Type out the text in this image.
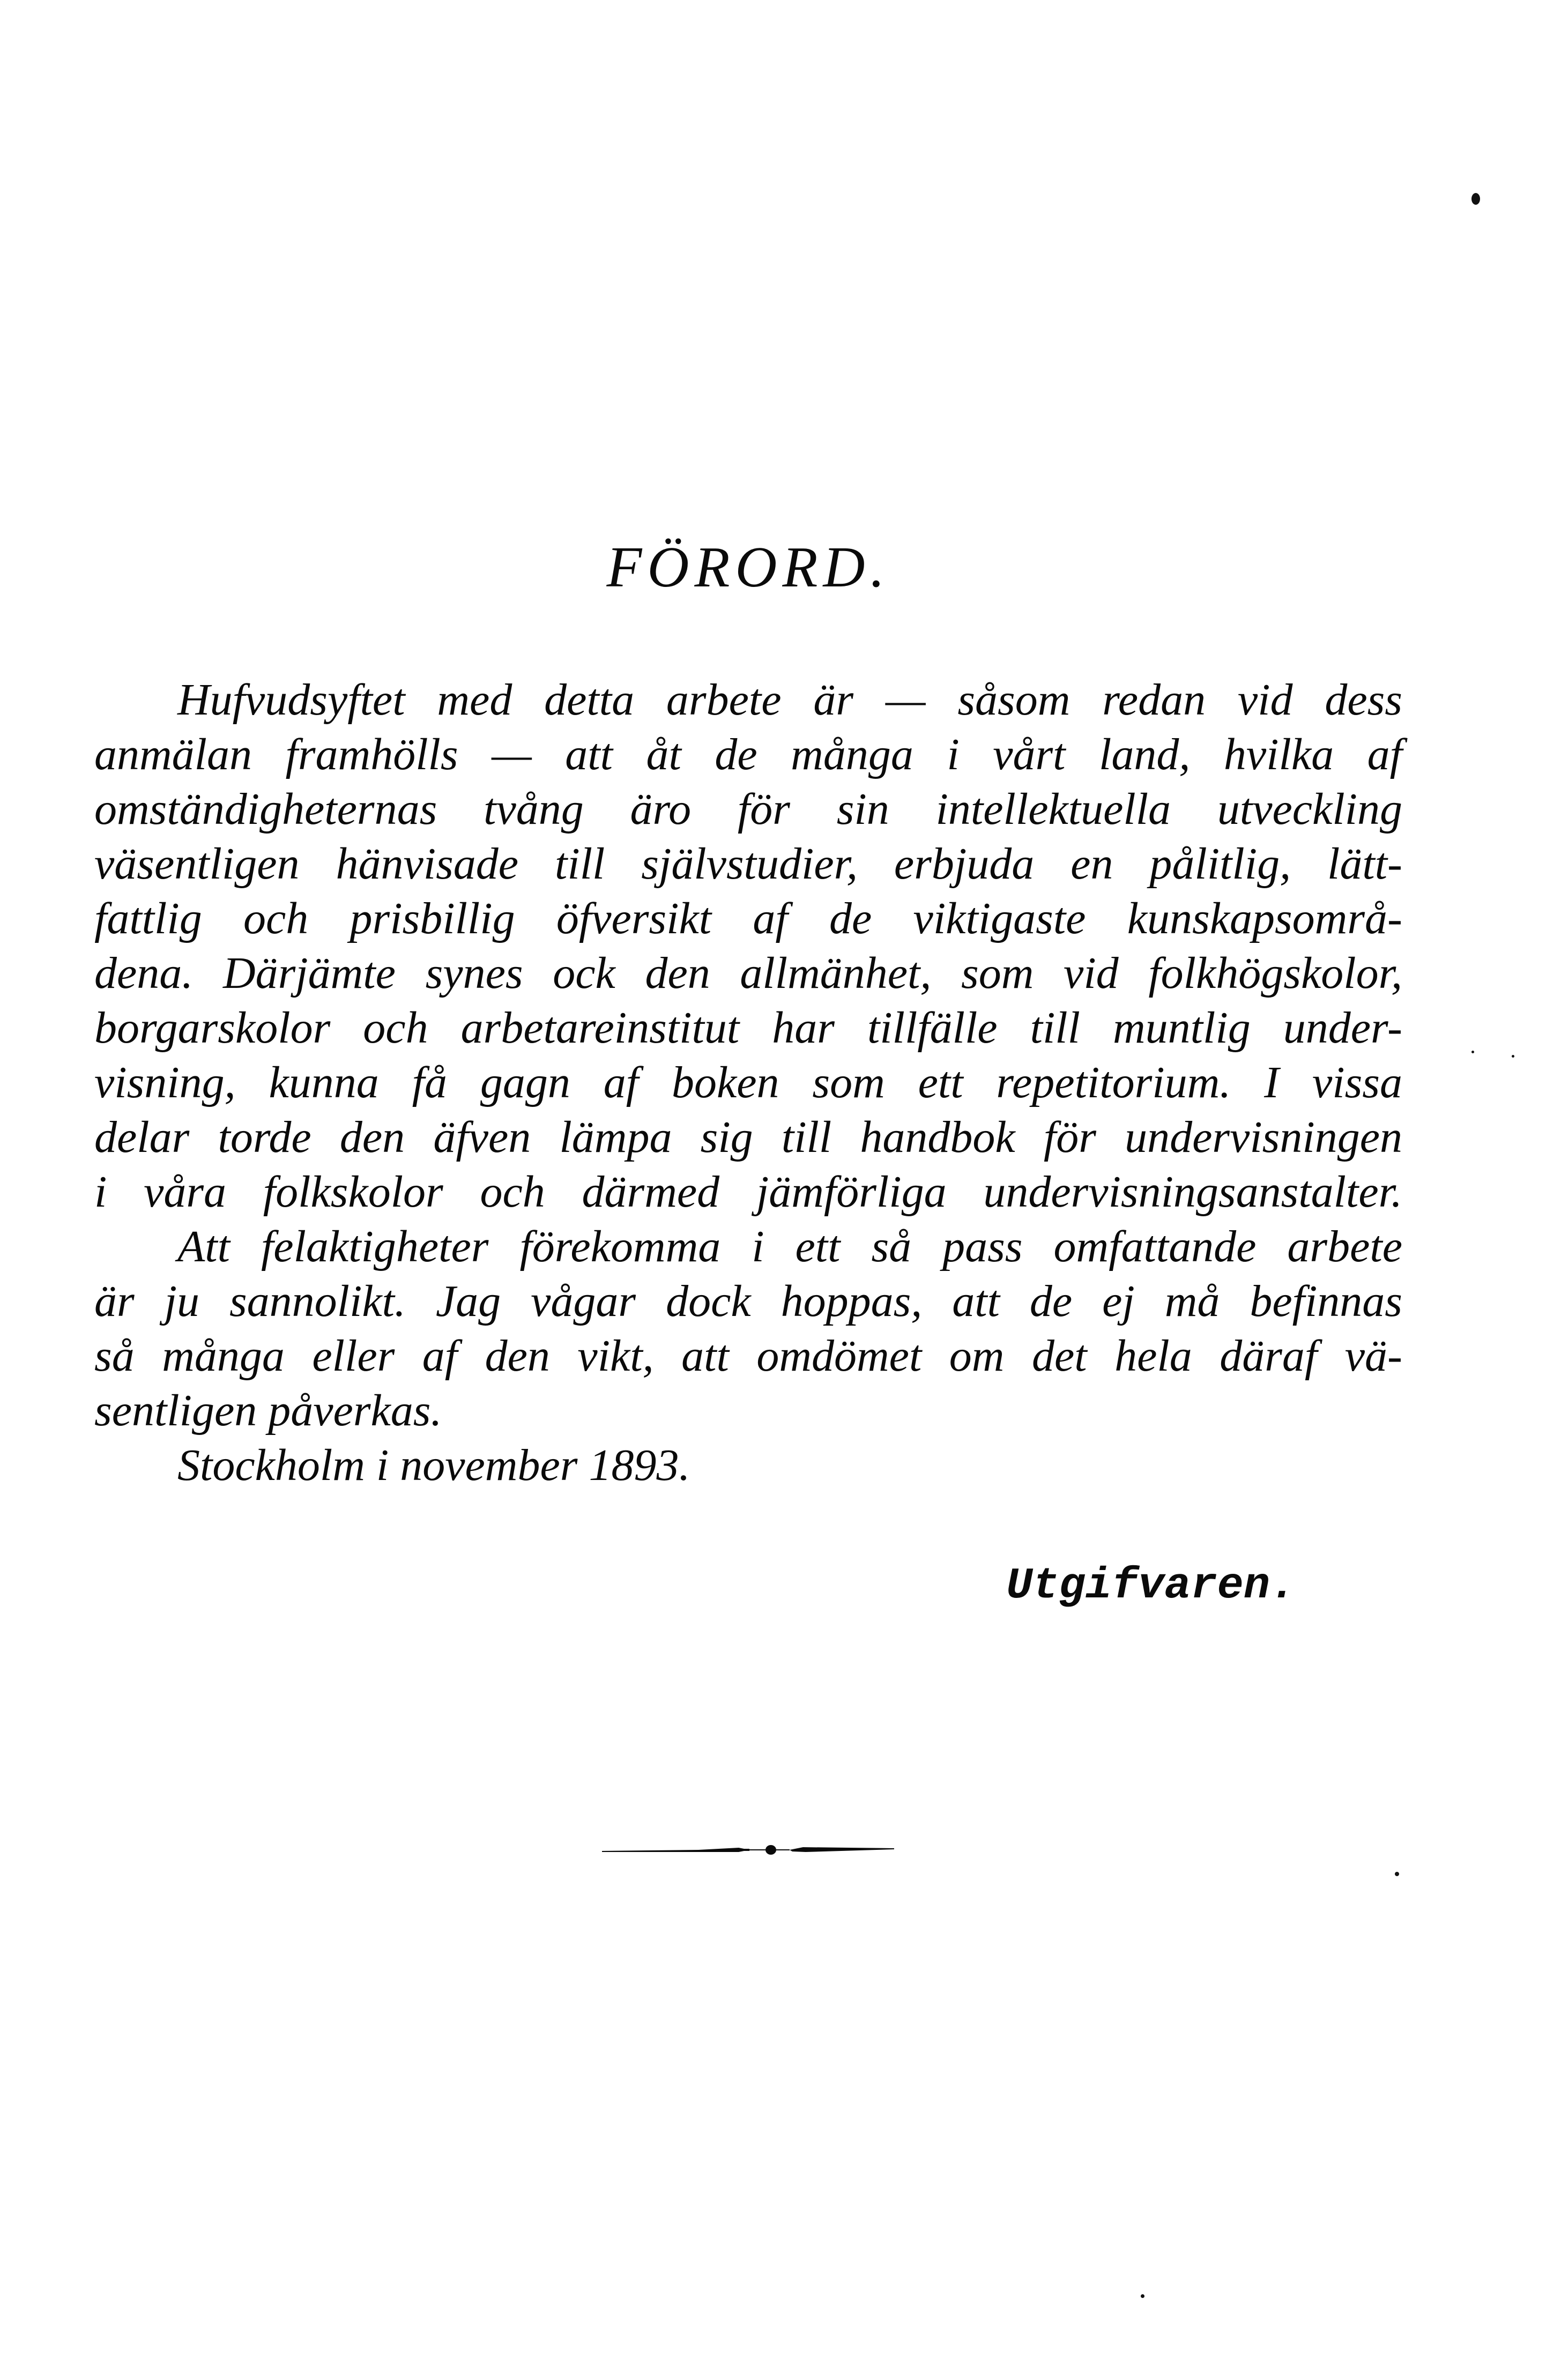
FÖRORD.
Hufvudsyftet med detta arbete är — såsom redan vid dess
anmälan framhölls — att åt de många i vårt land, hvilka af
omständigheternas tvång äro för sin intellektuella utveckling
väsentligen hänvisade till självstudier, erbjuda en pålitlig, lätt-
fattlig och prisbillig öfversikt af de viktigaste kunskapsområ-
dena. Därjämte synes ock den allmänhet, som vid folkhögskolor,
borgarskolor och arbetareinstitut har tillfälle till muntlig under-
visning, kunna få gagn af boken som ett repetitorium. I vissa
delar torde den äfven lämpa sig till handbok för undervisningen
i våra folkskolor och därmed jämförliga undervisningsanstalter.
Att felaktigheter förekomma i ett så pass omfattande arbete
är ju sannolikt. Jag vågar dock hoppas, att de ej må befinnas
så många eller af den vikt, att omdömet om det hela däraf vä-
sentligen påverkas.
Stockholm i november 1893.
Utgifvaren.
